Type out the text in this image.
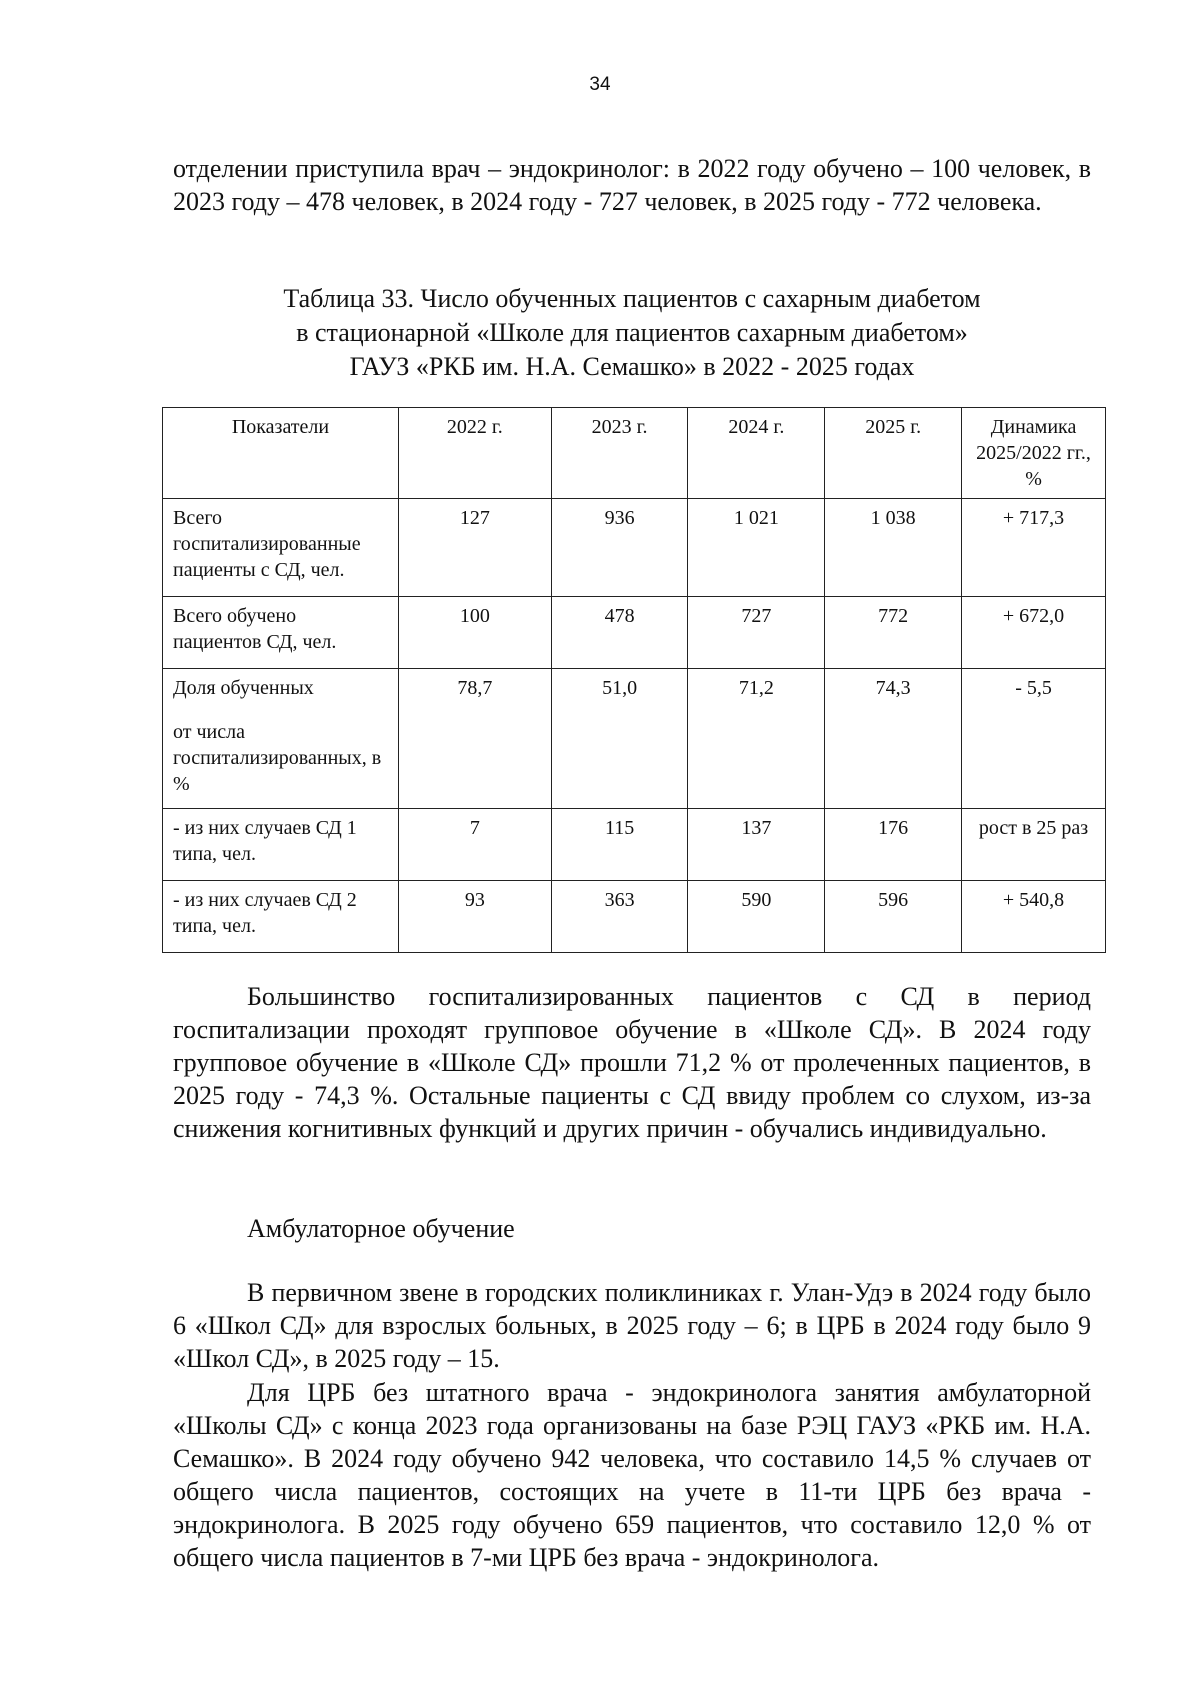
34
отделении приступила врач – эндокринолог: в 2022 году обучено – 100 человек, в 2023 году – 478 человек, в 2024 году - 727 человек, в 2025 году - 772 человека.
Таблица 33. Число обученных пациентов с сахарным диабетом
в стационарной «Школе для пациентов сахарным диабетом»
ГАУЗ «РКБ им. Н.А. Семашко» в 2022 - 2025 годах
Показатели	2022 г.	2023 г.	2024 г.	2025 г.	Динамика 2025/2022 гг., %
Всего госпитализированные пациенты с СД, чел.	127	936	1 021	1 038	+ 717,3
Всего обучено пациентов СД, чел.	100	478	727	772	+ 672,0
Доля обученных
от числа госпитализированных, в %	78,7	51,0	71,2	74,3	- 5,5
- из них случаев СД 1 типа, чел.	7	115	137	176	рост в 25 раз
- из них случаев СД 2 типа, чел.	93	363	590	596	+ 540,8
Большинство госпитализированных пациентов с СД в период госпитализации проходят групповое обучение в «Школе СД». В 2024 году групповое обучение в «Школе СД» прошли 71,2 % от пролеченных пациентов, в 2025 году - 74,3 %. Остальные пациенты с СД ввиду проблем со слухом, из-за снижения когнитивных функций и других причин - обучались индивидуально.
Амбулаторное обучение
В первичном звене в городских поликлиниках г. Улан-Удэ в 2024 году было 6 «Школ СД» для взрослых больных, в 2025 году – 6; в ЦРБ в 2024 году было 9 «Школ СД», в 2025 году – 15.
Для ЦРБ без штатного врача - эндокринолога занятия амбулаторной «Школы СД» с конца 2023 года организованы на базе РЭЦ ГАУЗ «РКБ им. Н.А. Семашко». В 2024 году обучено 942 человека, что составило 14,5 % случаев от общего числа пациентов, состоящих на учете в 11-ти ЦРБ без врача - эндокринолога. В 2025 году обучено 659 пациентов, что составило 12,0 % от общего числа пациентов в 7-ми ЦРБ без врача - эндокринолога.
